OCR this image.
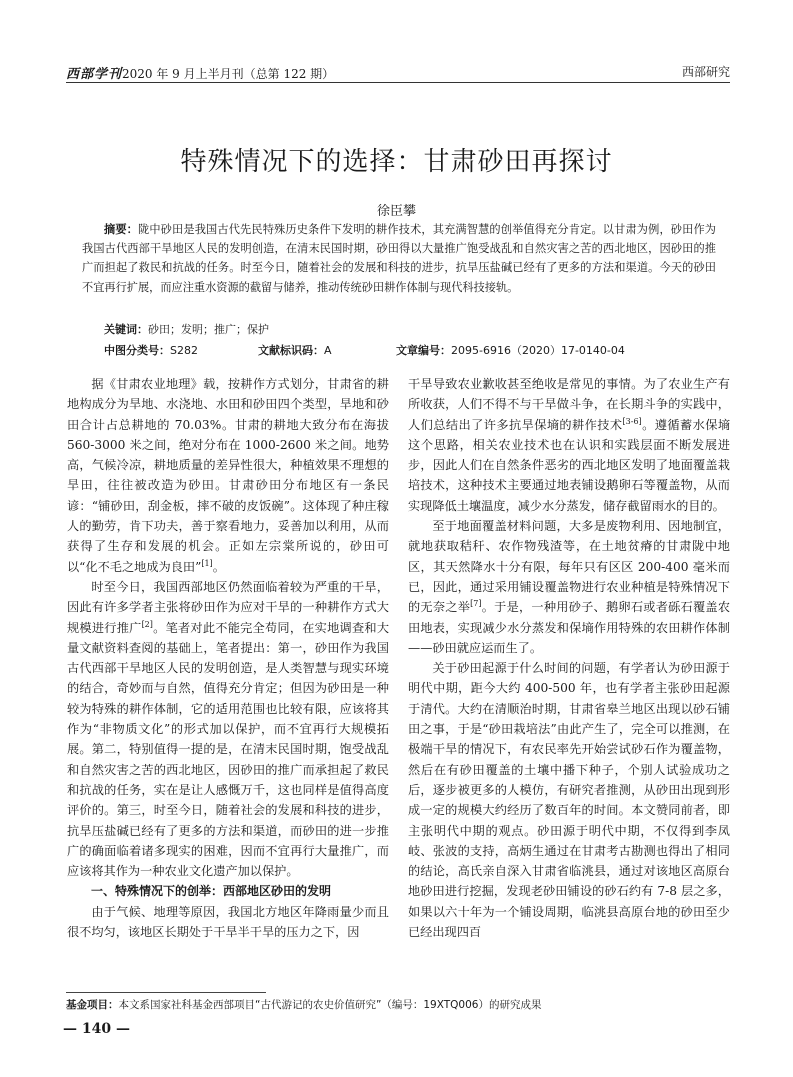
西部学刊2020 年 9 月上半月刊（总第 122 期）	西部研究
特殊情况下的选择：甘肃砂田再探讨
徐臣攀
摘要：陇中砂田是我国古代先民特殊历史条件下发明的耕作技术，其充满智慧的创举值得充分肯定。以甘肃为例，砂田作为我国古代西部干旱地区人民的发明创造，在清末民国时期，砂田得以大量推广饱受战乱和自然灾害之苦的西北地区，因砂田的推广而担起了救民和抗战的任务。时至今日，随着社会的发展和科技的进步，抗旱压盐碱已经有了更多的方法和渠道。今天的砂田不宜再行扩展，而应注重水资源的截留与储养，推动传统砂田耕作体制与现代科技接轨。
关键词：砂田；发明；推广；保护
中图分类号：S282	文献标识码：A	文章编号：2095-6916（2020）17-0140-04

据《甘肃农业地理》载，按耕作方式划分，甘肃省的耕地构成分为旱地、水浇地、水田和砂田四个类型，旱地和砂田合计占总耕地的 70.03%。甘肃的耕地大致分布在海拔 560-3000 米之间，绝对分布在 1000-2600 米之间。地势高，气候冷凉，耕地质量的差异性很大，种植效果不理想的旱田，往往被改造为砂田。甘肃砂田分布地区有一条民谚：“铺砂田，刮金板，摔不破的皮饭碗”。这体现了种庄稼人的勤劳，肯下功夫，善于察看地力，妥善加以利用，从而获得了生存和发展的机会。正如左宗棠所说的，砂田可以“化不毛之地成为良田”[1]。

时至今日，我国西部地区仍然面临着较为严重的干旱，因此有许多学者主张将砂田作为应对干旱的一种耕作方式大规模进行推广[2]。笔者对此不能完全苟同，在实地调查和大量文献资料查阅的基础上，笔者提出：第一，砂田作为我国古代西部干旱地区人民的发明创造，是人类智慧与现实环境的结合，奇妙而与自然，值得充分肯定；但因为砂田是一种较为特殊的耕作体制，它的适用范围也比较有限，应该将其作为“非物质文化”的形式加以保护，而不宜再行大规模拓展。第二，特别值得一提的是，在清末民国时期，饱受战乱和自然灾害之苦的西北地区，因砂田的推广而承担起了救民和抗战的任务，实在是让人感慨万千，这也同样是值得高度评价的。第三，时至今日，随着社会的发展和科技的进步，抗旱压盐碱已经有了更多的方法和渠道，而砂田的进一步推广的确面临着诸多现实的困难，因而不宜再行大量推广，而应该将其作为一种农业文化遗产加以保护。

一、特殊情况下的创举：西部地区砂田的发明

由于气候、地理等原因，我国北方地区年降雨量少而且很不均匀，该地区长期处于干旱半干旱的压力之下，因

干旱导致农业歉收甚至绝收是常见的事情。为了农业生产有所收获，人们不得不与干旱做斗争，在长期斗争的实践中，人们总结出了许多抗旱保墒的耕作技术[3-6]。遵循蓄水保墒这个思路，相关农业技术也在认识和实践层面不断发展进步，因此人们在自然条件恶劣的西北地区发明了地面覆盖栽培技术，这种技术主要通过地表铺设鹅卵石等覆盖物，从而实现降低土壤温度，减少水分蒸发，储存截留雨水的目的。

至于地面覆盖材料问题，大多是废物利用、因地制宜，就地获取秸秆、农作物残渣等，在土地贫瘠的甘肃陇中地区，其天然降水十分有限，每年只有区区 200-400 毫米而已，因此，通过采用铺设覆盖物进行农业种植是特殊情况下的无奈之举[7]。于是，一种用砂子、鹅卵石或者砾石覆盖农田地表，实现减少水分蒸发和保墒作用特殊的农田耕作体制——砂田就应运而生了。

关于砂田起源于什么时间的问题，有学者认为砂田源于明代中期，距今大约 400-500 年，也有学者主张砂田起源于清代。大约在清顺治时期，甘肃省皋兰地区出现以砂石铺田之事，于是“砂田栽培法”由此产生了，完全可以推测，在极端干旱的情况下，有农民率先开始尝试砂石作为覆盖物，然后在有砂田覆盖的土壤中播下种子，个别人试验成功之后，逐步被更多的人模仿，有研究者推测，从砂田出现到形成一定的规模大约经历了数百年的时间。本文赞同前者，即主张明代中期的观点。砂田源于明代中期，不仅得到李凤岐、张波的支持，高炳生通过在甘肃考古勘测也得出了相同的结论，高氏亲自深入甘肃省临洮县，通过对该地区高原台地砂田进行挖掘，发现老砂田铺设的砂石约有 7-8 层之多，如果以六十年为一个铺设周期，临洮县高原台地的砂田至少已经出现四百

基金项目：本文系国家社科基金西部项目“古代游记的农史价值研究”（编号：19XTQ006）的研究成果
— 140 —
